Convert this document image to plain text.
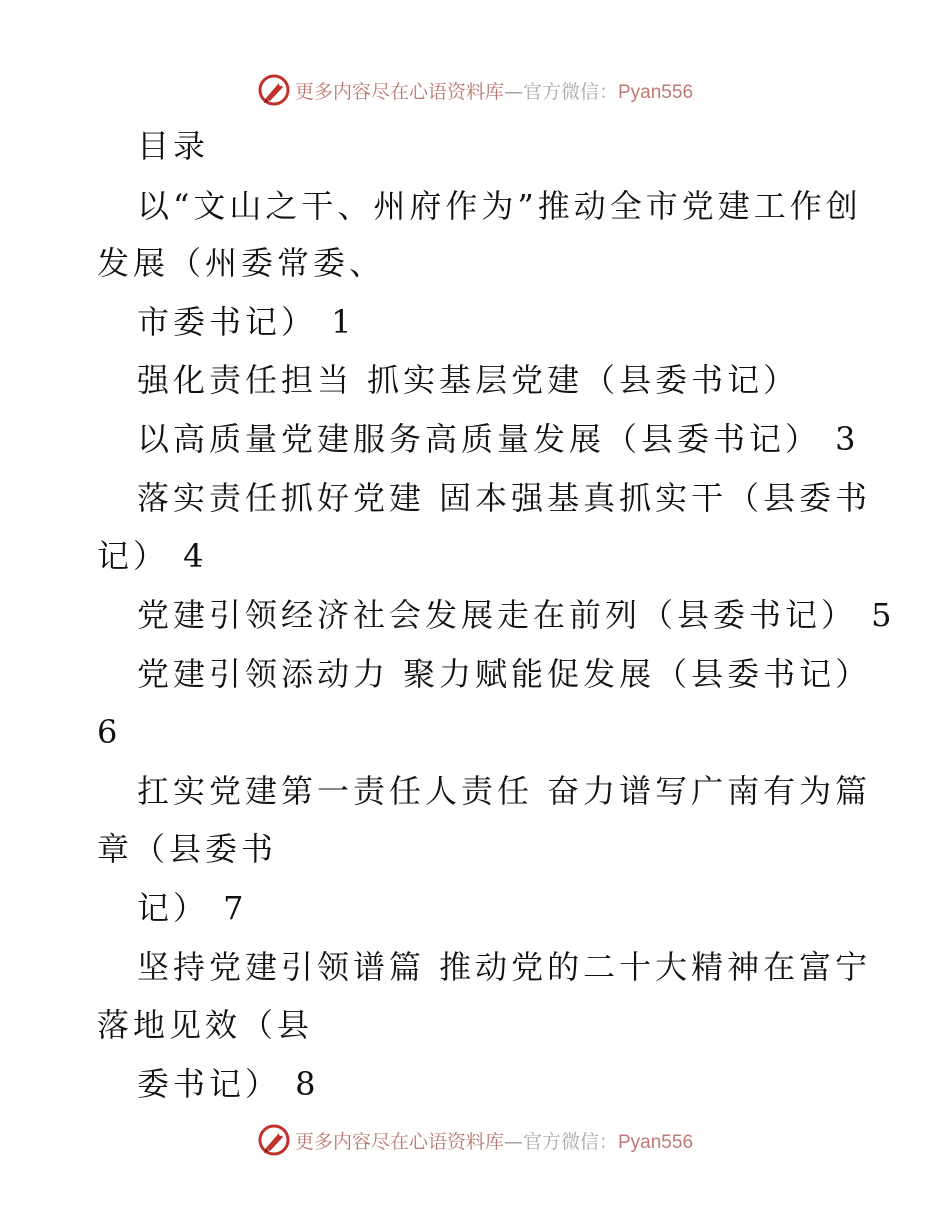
更多内容尽在心语资料库—官方微信：Pyan556
目录
以“文山之干、州府作为”推动全市党建工作创
发展（州委常委、
市委书记） 1
强化责任担当 抓实基层党建（县委书记）
以高质量党建服务高质量发展（县委书记） 3
落实责任抓好党建 固本强基真抓实干（县委书
记） 4
党建引领经济社会发展走在前列（县委书记） 5
党建引领添动力 聚力赋能促发展（县委书记）
6
扛实党建第一责任人责任 奋力谱写广南有为篇
章（县委书
记） 7
坚持党建引领谱篇 推动党的二十大精神在富宁
落地见效（县
委书记） 8
更多内容尽在心语资料库—官方微信：Pyan556
